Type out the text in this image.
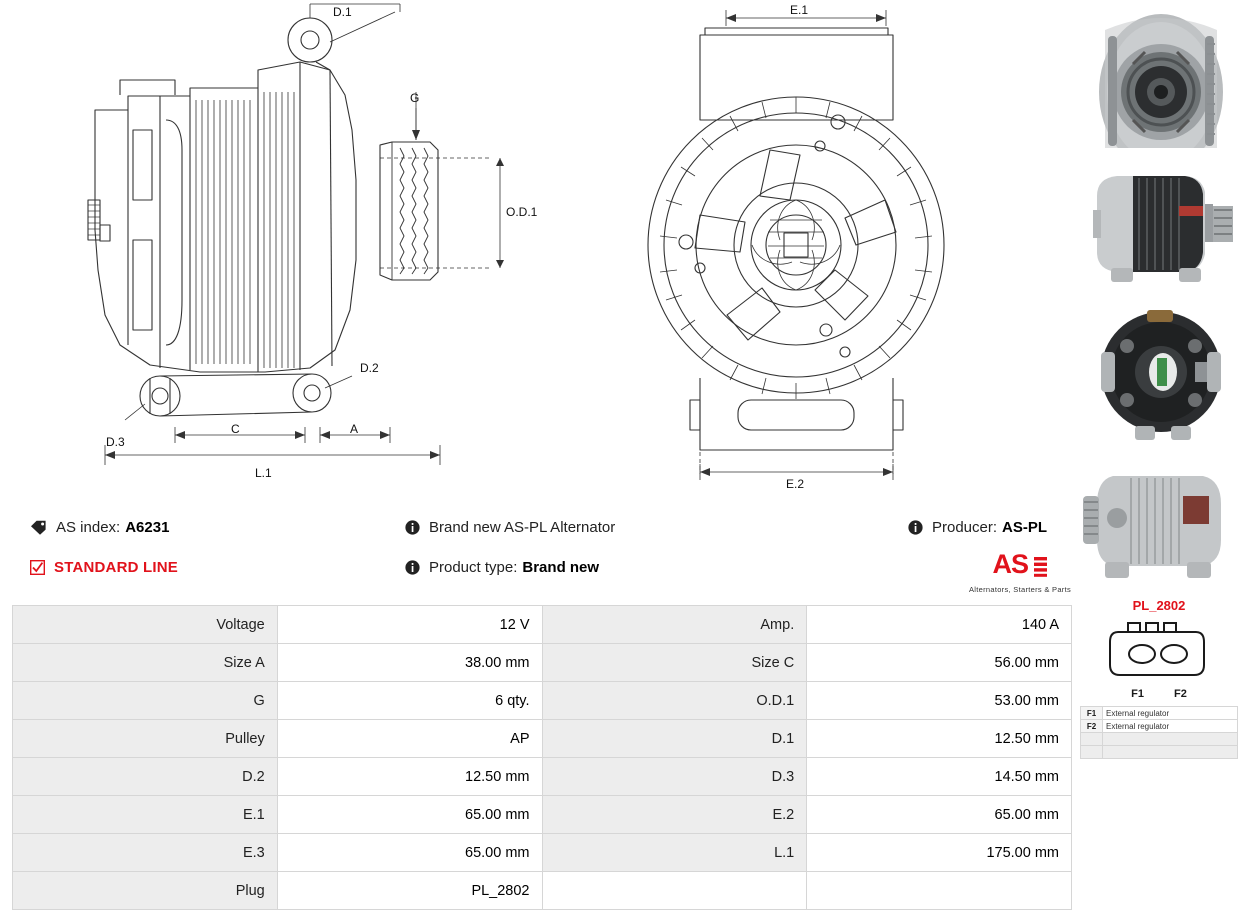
D.1
G
O.D.1
D.2
D.3
C	A
L.1
E.1
E.2
AS index: A6231
STANDARD LINE
Brand new AS-PL Alternator
Product type: Brand new
Producer: AS-PL
AS
Alternators, Starters & Parts
Voltage	12 V	Amp.	140 A
Size A	38.00 mm	Size C	56.00 mm
G	6 qty.	O.D.1	53.00 mm
Pulley	AP	D.1	12.50 mm
D.2	12.50 mm	D.3	14.50 mm
E.1	65.00 mm	E.2	65.00 mm
E.3	65.00 mm	L.1	175.00 mm
Plug	PL_2802		
PL_2802
F1	F2
F1	External regulator
F2	External regulator
